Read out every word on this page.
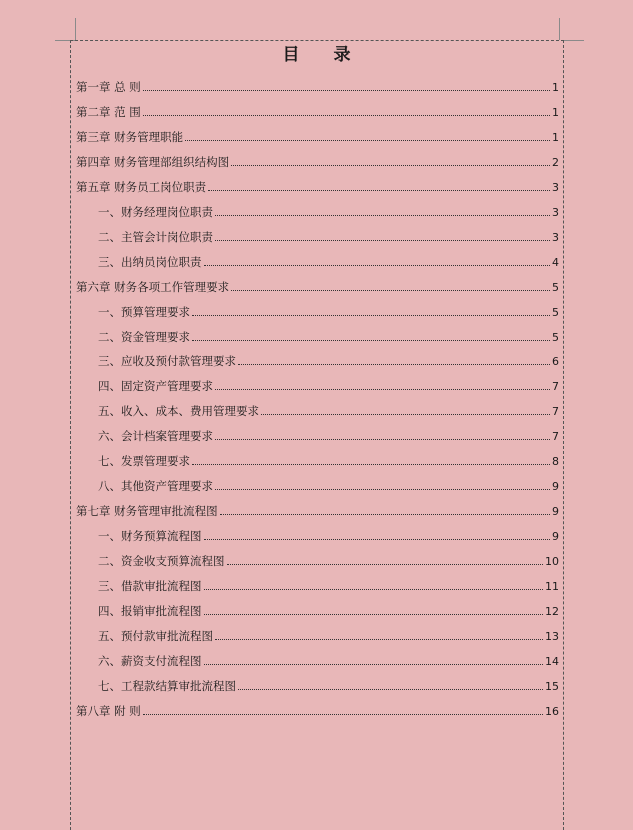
目　　录
第一章 总 则	1
第二章 范 围	1
第三章 财务管理职能	1
第四章 财务管理部组织结构图	2
第五章 财务员工岗位职责	3
一、财务经理岗位职责	3
二、主管会计岗位职责	3
三、出纳员岗位职责	4
第六章 财务各项工作管理要求	5
一、预算管理要求	5
二、资金管理要求	5
三、应收及预付款管理要求	6
四、固定资产管理要求	7
五、收入、成本、费用管理要求	7
六、会计档案管理要求	7
七、发票管理要求	8
八、其他资产管理要求	9
第七章 财务管理审批流程图	9
一、财务预算流程图	9
二、资金收支预算流程图	10
三、借款审批流程图	11
四、报销审批流程图	12
五、预付款审批流程图	13
六、薪资支付流程图	14
七、工程款结算审批流程图	15
第八章 附 则	16
